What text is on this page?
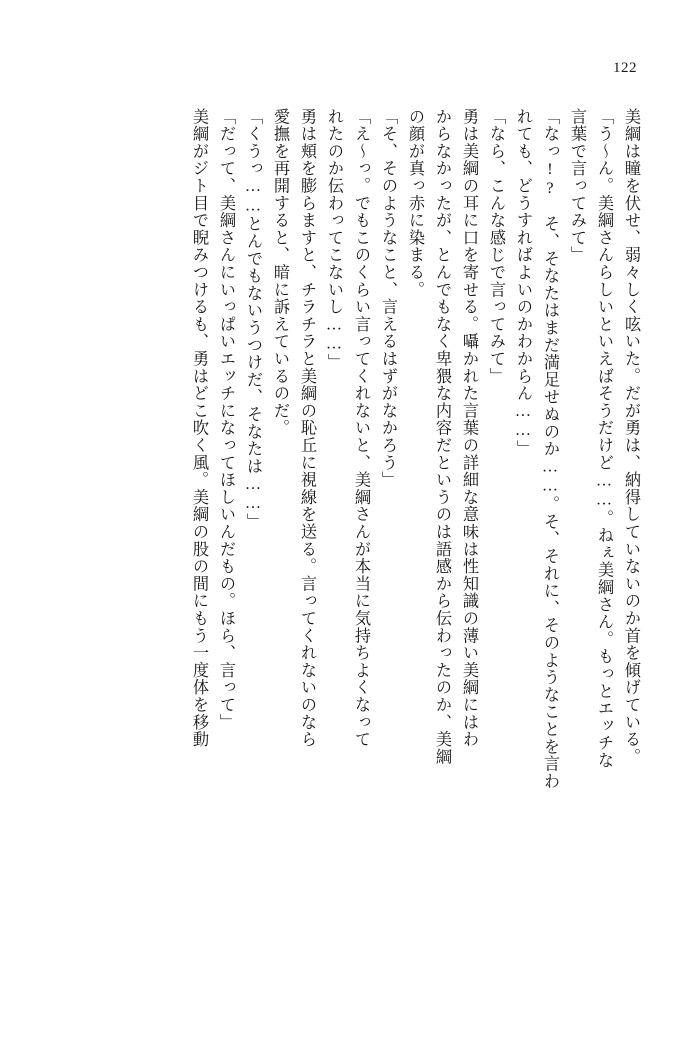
122
美綱は瞳を伏せ、弱々しく呟いた。だが勇は、納得していないのか首を傾げている。
「う〜ん。美綱さんらしいといえばそうだけど……。ねぇ美綱さん。もっとエッチな
言葉で言ってみて」
「なっ!?　そ、そなたはまだ満足せぬのか……。そ、それに、そのようなことを言わ
れても、どうすればよいのかわからん……」
「なら、こんな感じで言ってみて」
勇は美綱の耳に口を寄せる。囁かれた言葉の詳細な意味は性知識の薄い美綱にはわ
からなかったが、とんでもなく卑猥な内容だというのは語感から伝わったのか、美綱
の顔が真っ赤に染まる。
「そ、そのようなこと、言えるはずがなかろう」
「え〜っ。でもこのくらい言ってくれないと、美綱さんが本当に気持ちよくなって
れたのか伝わってこないし……」
勇は頬を膨らますと、チラチラと美綱の恥丘に視線を送る。言ってくれないのなら
愛撫を再開すると、暗に訴えているのだ。
「くうっ……とんでもないうつけだ、そなたは……」
「だって、美綱さんにいっぱいエッチになってほしいんだもの。ほら、言って」
美綱がジト目で睨みつけるも、勇はどこ吹く風。美綱の股の間にもう一度体を移動
